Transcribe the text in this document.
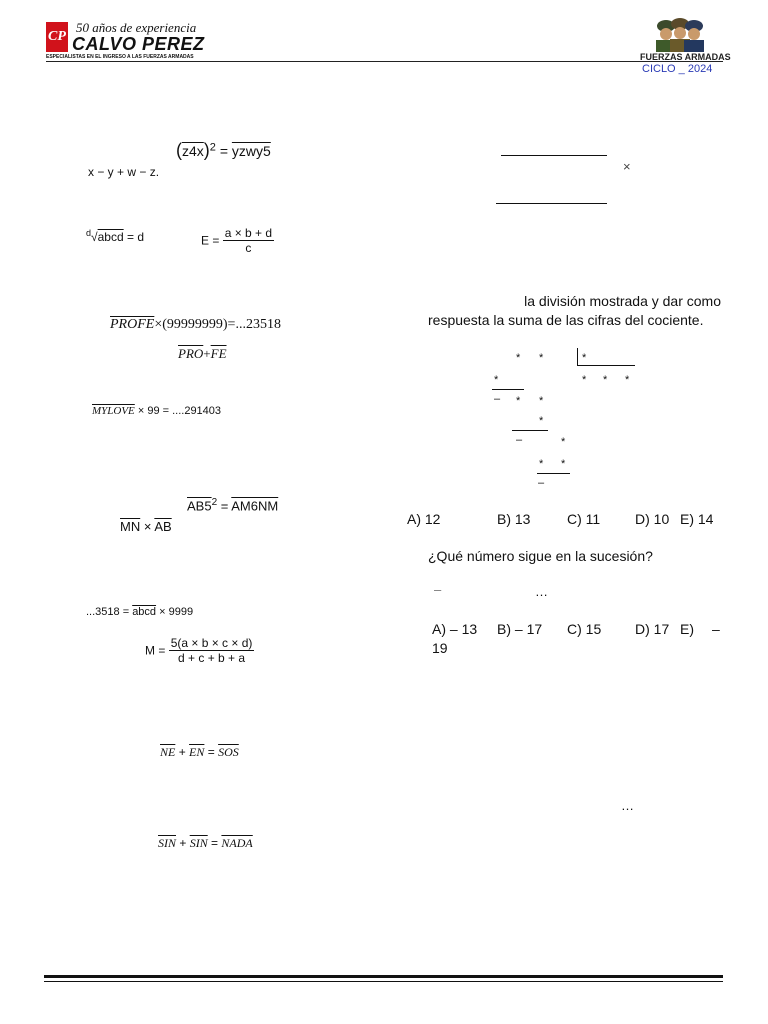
50 años de experiencia
CP CALVO PEREZ
ESPECIALISTAS EN EL INGRESO A LAS FUERZAS ARMADAS	FUERZAS ARMADAS
CICLO _ 2024
$(z4x)^2$ = yzwy5
x − y + w − z.
$^d$√abcd = d	$E = \frac{a \times b + d}{c}$
PROFE×(99999999)=...23518
$\overline{PRO}+\overline{FE}$
MYLOVE × 99 = ....291403
$AB5^2 = AM6NM$
$\overline{MN} \times \overline{AB}$
...3518 = abcd × 9999
$M = \frac{5(a \times b \times c \times d)}{d + c + b + a}$
$\overline{NE} + \overline{EN} = \overline{SOS}$
$\overline{SIN} + \overline{SIN}$ = NADA
×
la división mostrada y dar como
respuesta la suma de las cifras del cociente.
* *	*
*	* * *
– * *
*
–	*
* *
–
A) 12	B) 13	C) 11 D) 10 E) 14
¿Qué número sigue en la sucesión?
–	…
A) – 13 B) – 17 C) 15 D) 17 E) –
19
…
